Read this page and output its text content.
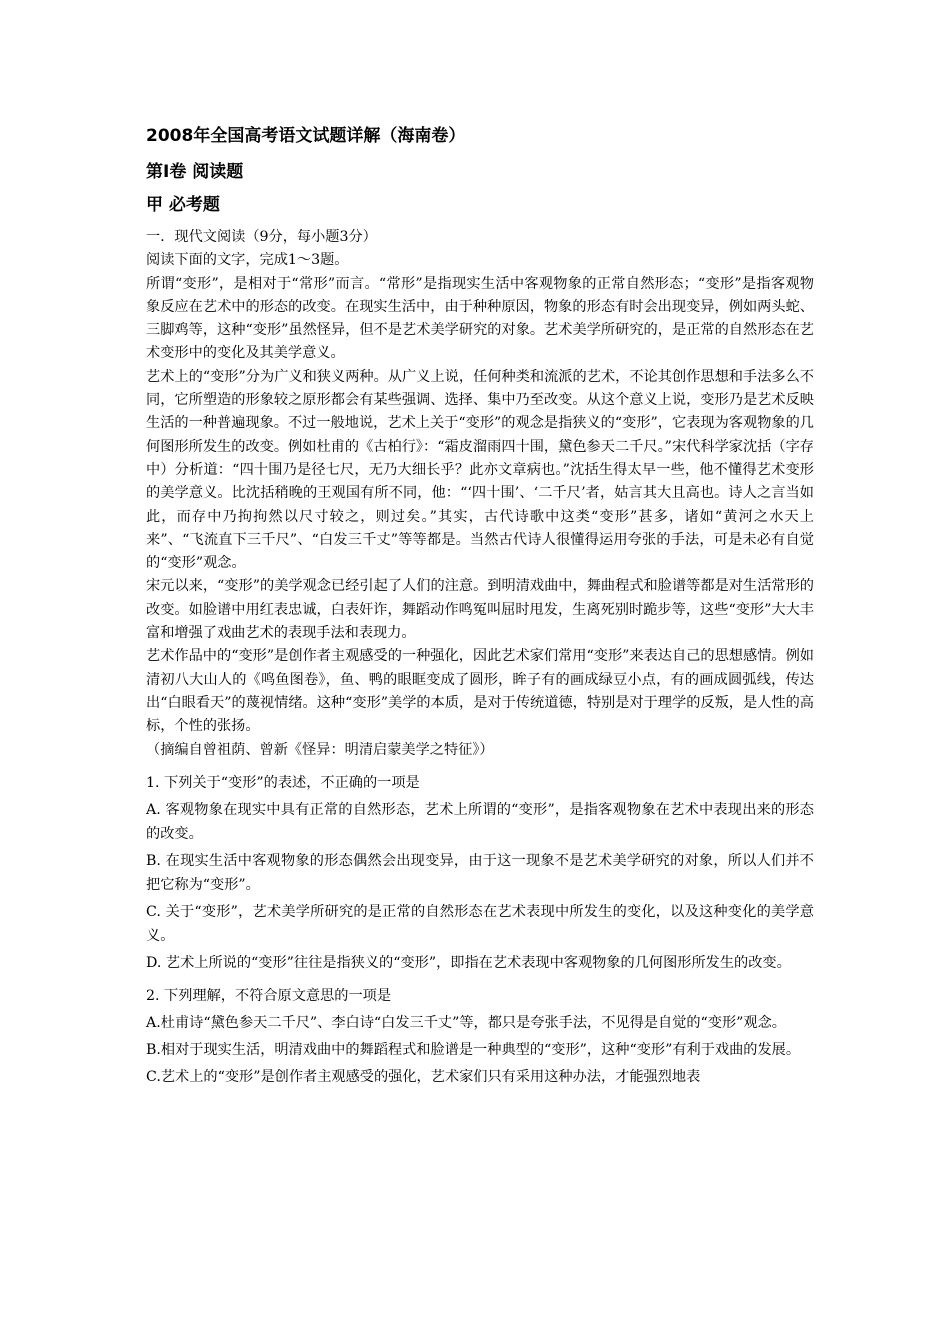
2008年全国高考语文试题详解（海南卷）
第Ⅰ卷 阅读题
甲 必考题
一．现代文阅读（9分，每小题3分）
阅读下面的文字，完成1～3题。
所谓“变形”，是相对于“常形”而言。“常形”是指现实生活中客观物象的正常自然形态；“变形”是指客观物象反应在艺术中的形态的改变。在现实生活中，由于种种原因，物象的形态有时会出现变异，例如两头蛇、三脚鸡等，这种“变形”虽然怪异，但不是艺术美学研究的对象。艺术美学所研究的，是正常的自然形态在艺术变形中的变化及其美学意义。
艺术上的“变形”分为广义和狭义两种。从广义上说，任何种类和流派的艺术，不论其创作思想和手法多么不同，它所塑造的形象较之原形都会有某些强调、选择、集中乃至改变。从这个意义上说，变形乃是艺术反映生活的一种普遍现象。不过一般地说，艺术上关于“变形”的观念是指狭义的“变形”，它表现为客观物象的几何图形所发生的改变。例如杜甫的《古柏行》：“霜皮溜雨四十围，黛色参天二千尺。”宋代科学家沈括（字存中）分析道：“四十围乃是径七尺，无乃大细长乎？此亦文章病也。”沈括生得太早一些，他不懂得艺术变形的美学意义。比沈括稍晚的王观国有所不同，他：“‘四十围’、‘二千尺’者，姑言其大且高也。诗人之言当如此，而存中乃拘拘然以尺寸较之，则过矣。”其实，古代诗歌中这类“变形”甚多，诸如“黄河之水天上来”、“飞流直下三千尺”、“白发三千丈”等等都是。当然古代诗人很懂得运用夸张的手法，可是未必有自觉的“变形”观念。
宋元以来，“变形”的美学观念已经引起了人们的注意。到明清戏曲中，舞曲程式和脸谱等都是对生活常形的改变。如脸谱中用红表忠诚，白表奸诈，舞蹈动作鸣冤叫屈时甩发，生离死别时跪步等，这些“变形”大大丰富和增强了戏曲艺术的表现手法和表现力。
艺术作品中的“变形”是创作者主观感受的一种强化，因此艺术家们常用“变形”来表达自己的思想感情。例如清初八大山人的《鸣鱼图卷》，鱼、鸭的眼眶变成了圆形，眸子有的画成绿豆小点，有的画成圆弧线，传达出“白眼看天”的蔑视情绪。这种“变形”美学的本质，是对于传统道德，特别是对于理学的反叛，是人性的高标，个性的张扬。
（摘编自曾祖荫、曾新《怪异：明清启蒙美学之特征》）
1. 下列关于“变形”的表述，不正确的一项是
A. 客观物象在现实中具有正常的自然形态，艺术上所谓的“变形”，是指客观物象在艺术中表现出来的形态的改变。
B. 在现实生活中客观物象的形态偶然会出现变异，由于这一现象不是艺术美学研究的对象，所以人们并不把它称为“变形”。
C. 关于“变形”，艺术美学所研究的是正常的自然形态在艺术表现中所发生的变化，以及这种变化的美学意义。
D. 艺术上所说的“变形”往往是指狭义的“变形”，即指在艺术表现中客观物象的几何图形所发生的改变。
2. 下列理解，不符合原文意思的一项是
A.杜甫诗“黛色参天二千尺”、李白诗“白发三千丈”等，都只是夸张手法，不见得是自觉的“变形”观念。
B.相对于现实生活，明清戏曲中的舞蹈程式和脸谱是一种典型的“变形”，这种“变形”有利于戏曲的发展。
C.艺术上的“变形”是创作者主观感受的强化，艺术家们只有采用这种办法，才能强烈地表
